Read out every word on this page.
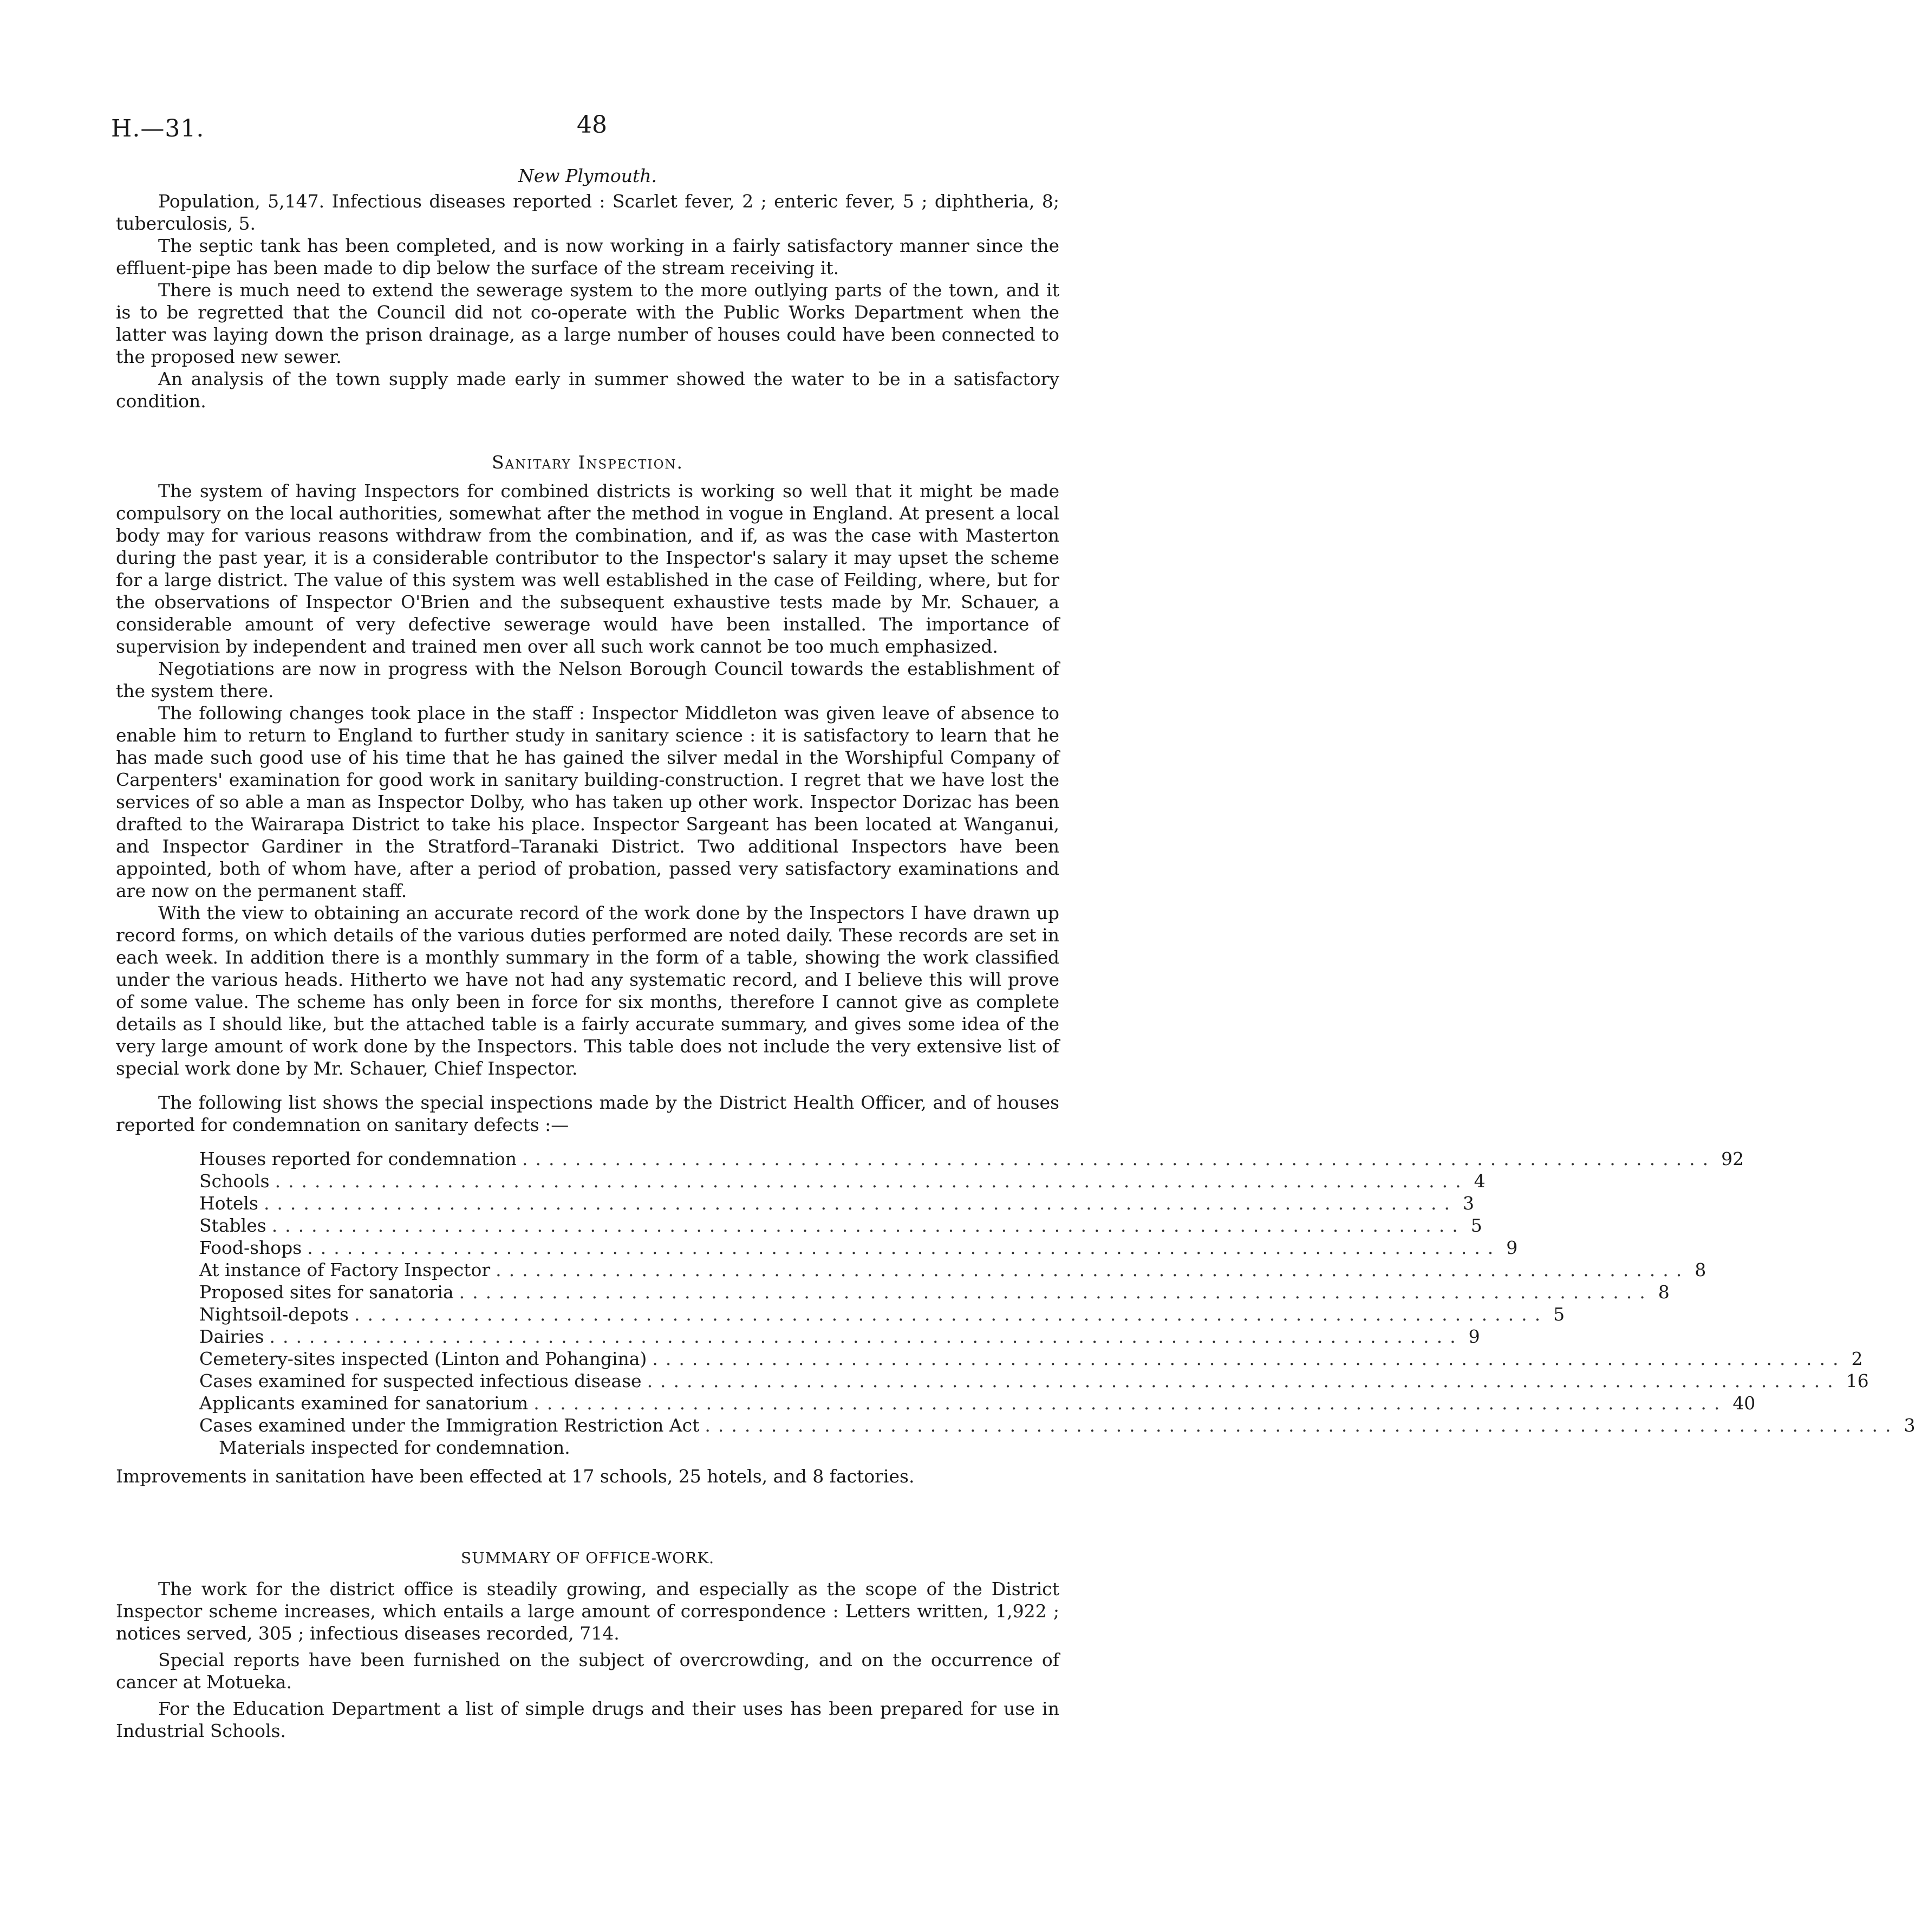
H.—31.	48
New Plymouth.

Population, 5,147. Infectious diseases reported : Scarlet fever, 2 ; enteric fever, 5 ; diphtheria, 8; tuberculosis, 5.

The septic tank has been completed, and is now working in a fairly satisfactory manner since the effluent-pipe has been made to dip below the surface of the stream receiving it.

There is much need to extend the sewerage system to the more outlying parts of the town, and it is to be regretted that the Council did not co-operate with the Public Works Department when the latter was laying down the prison drainage, as a large number of houses could have been connected to the proposed new sewer.

An analysis of the town supply made early in summer showed the water to be in a satisfactory condition.

Sanitary Inspection.

The system of having Inspectors for combined districts is working so well that it might be made compulsory on the local authorities, somewhat after the method in vogue in England. At present a local body may for various reasons withdraw from the combination, and if, as was the case with Masterton during the past year, it is a considerable contributor to the Inspector's salary it may upset the scheme for a large district. The value of this system was well established in the case of Feilding, where, but for the observations of Inspector O'Brien and the subsequent exhaustive tests made by Mr. Schauer, a considerable amount of very defective sewerage would have been installed. The importance of supervision by independent and trained men over all such work cannot be too much emphasized.

Negotiations are now in progress with the Nelson Borough Council towards the establishment of the system there.

The following changes took place in the staff : Inspector Middleton was given leave of absence to enable him to return to England to further study in sanitary science : it is satisfactory to learn that he has made such good use of his time that he has gained the silver medal in the Worshipful Company of Carpenters' examination for good work in sanitary building-construction. I regret that we have lost the services of so able a man as Inspector Dolby, who has taken up other work. Inspector Dorizac has been drafted to the Wairarapa District to take his place. Inspector Sargeant has been located at Wanganui, and Inspector Gardiner in the Stratford–Taranaki District. Two additional Inspectors have been appointed, both of whom have, after a period of probation, passed very satisfactory examinations and are now on the permanent staff.

With the view to obtaining an accurate record of the work done by the Inspectors I have drawn up record forms, on which details of the various duties performed are noted daily. These records are set in each week. In addition there is a monthly summary in the form of a table, showing the work classified under the various heads. Hitherto we have not had any systematic record, and I believe this will prove of some value. The scheme has only been in force for six months, therefore I cannot give as complete details as I should like, but the attached table is a fairly accurate summary, and gives some idea of the very large amount of work done by the Inspectors. This table does not include the very extensive list of special work done by Mr. Schauer, Chief Inspector.

The following list shows the special inspections made by the District Health Officer, and of houses reported for condemnation on sanitary defects :—

Houses reported for condemnation .......................................................................................... 92
Schools .......................................................................................... 4
Hotels .......................................................................................... 3
Stables .......................................................................................... 5
Food-shops .......................................................................................... 9
At instance of Factory Inspector .......................................................................................... 8
Proposed sites for sanatoria .......................................................................................... 8
Nightsoil-depots .......................................................................................... 5
Dairies .......................................................................................... 9
Cemetery-sites inspected (Linton and Pohangina) .......................................................................................... 2
Cases examined for suspected infectious disease .......................................................................................... 16
Applicants examined for sanatorium .......................................................................................... 40
Cases examined under the Immigration Restriction Act .......................................................................................... 3
Materials inspected for condemnation.

Improvements in sanitation have been effected at 17 schools, 25 hotels, and 8 factories.

SUMMARY OF OFFICE-WORK.

The work for the district office is steadily growing, and especially as the scope of the District Inspector scheme increases, which entails a large amount of correspondence : Letters written, 1,922 ; notices served, 305 ; infectious diseases recorded, 714.

Special reports have been furnished on the subject of overcrowding, and on the occurrence of cancer at Motueka.

For the Education Department a list of simple drugs and their uses has been prepared for use in Industrial Schools.
